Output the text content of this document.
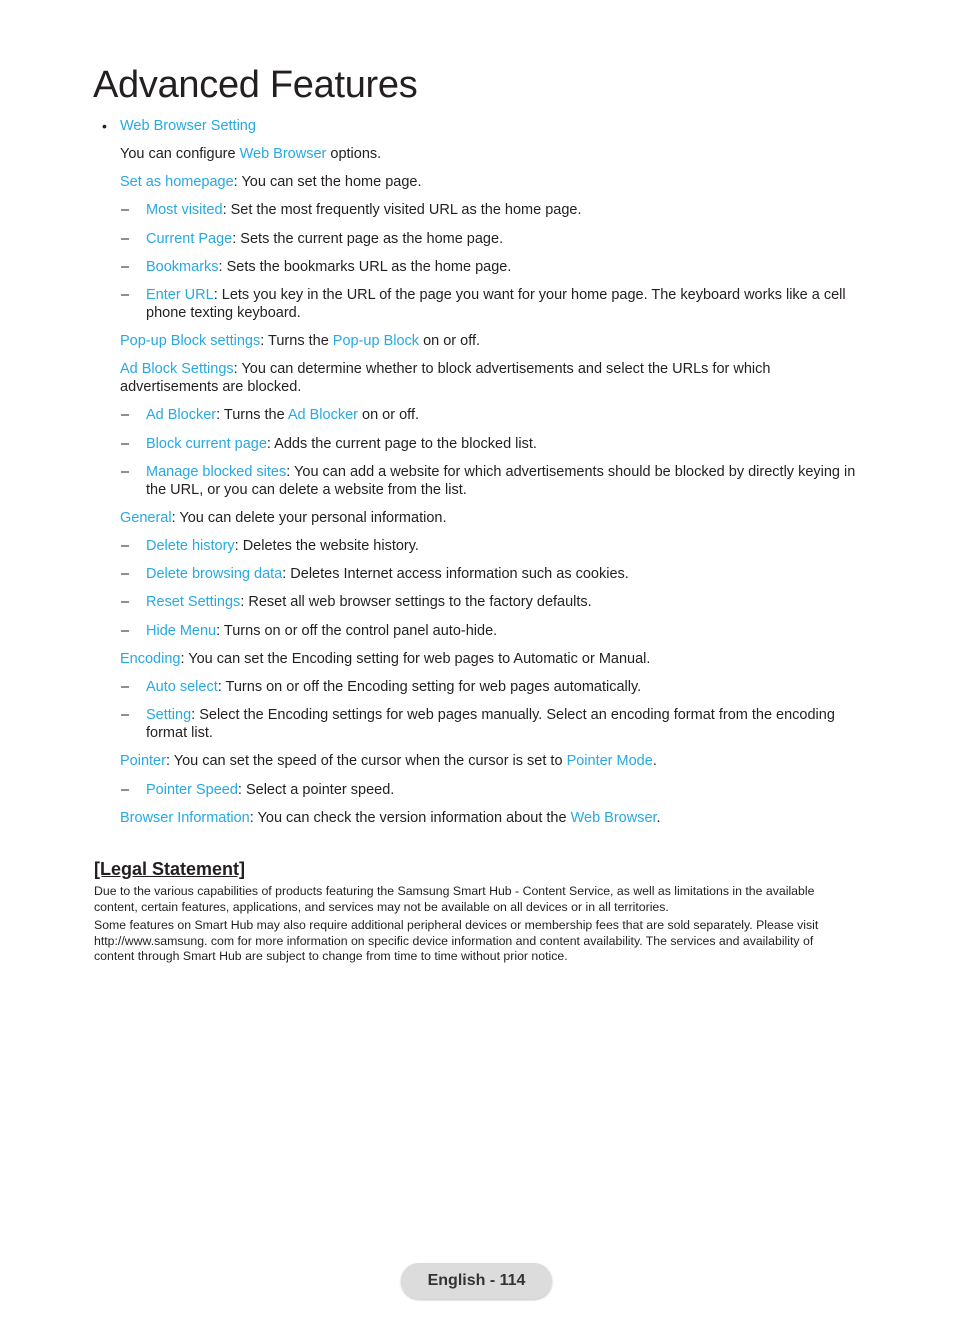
Advanced Features
• Web Browser Setting
You can configure Web Browser options.
Set as homepage: You can set the home page.
– Most visited: Set the most frequently visited URL as the home page.
– Current Page: Sets the current page as the home page.
– Bookmarks: Sets the bookmarks URL as the home page.
– Enter URL: Lets you key in the URL of the page you want for your home page. The keyboard works like a cell phone texting keyboard.
Pop-up Block settings: Turns the Pop-up Block on or off.
Ad Block Settings: You can determine whether to block advertisements and select the URLs for which advertisements are blocked.
– Ad Blocker: Turns the Ad Blocker on or off.
– Block current page: Adds the current page to the blocked list.
– Manage blocked sites: You can add a website for which advertisements should be blocked by directly keying in the URL, or you can delete a website from the list.
General: You can delete your personal information.
– Delete history: Deletes the website history.
– Delete browsing data: Deletes Internet access information such as cookies.
– Reset Settings: Reset all web browser settings to the factory defaults.
– Hide Menu: Turns on or off the control panel auto-hide.
Encoding: You can set the Encoding setting for web pages to Automatic or Manual.
– Auto select: Turns on or off the Encoding setting for web pages automatically.
– Setting: Select the Encoding settings for web pages manually. Select an encoding format from the encoding format list.
Pointer: You can set the speed of the cursor when the cursor is set to Pointer Mode.
– Pointer Speed: Select a pointer speed.
Browser Information: You can check the version information about the Web Browser.
[Legal Statement]

Due to the various capabilities of products featuring the Samsung Smart Hub - Content Service, as well as limitations in the available content, certain features, applications, and services may not be available on all devices or in all territories.

Some features on Smart Hub may also require additional peripheral devices or membership fees that are sold separately. Please visit http://www.samsung. com for more information on specific device information and content availability. The services and availability of content through Smart Hub are subject to change from time to time without prior notice.

English - 114
